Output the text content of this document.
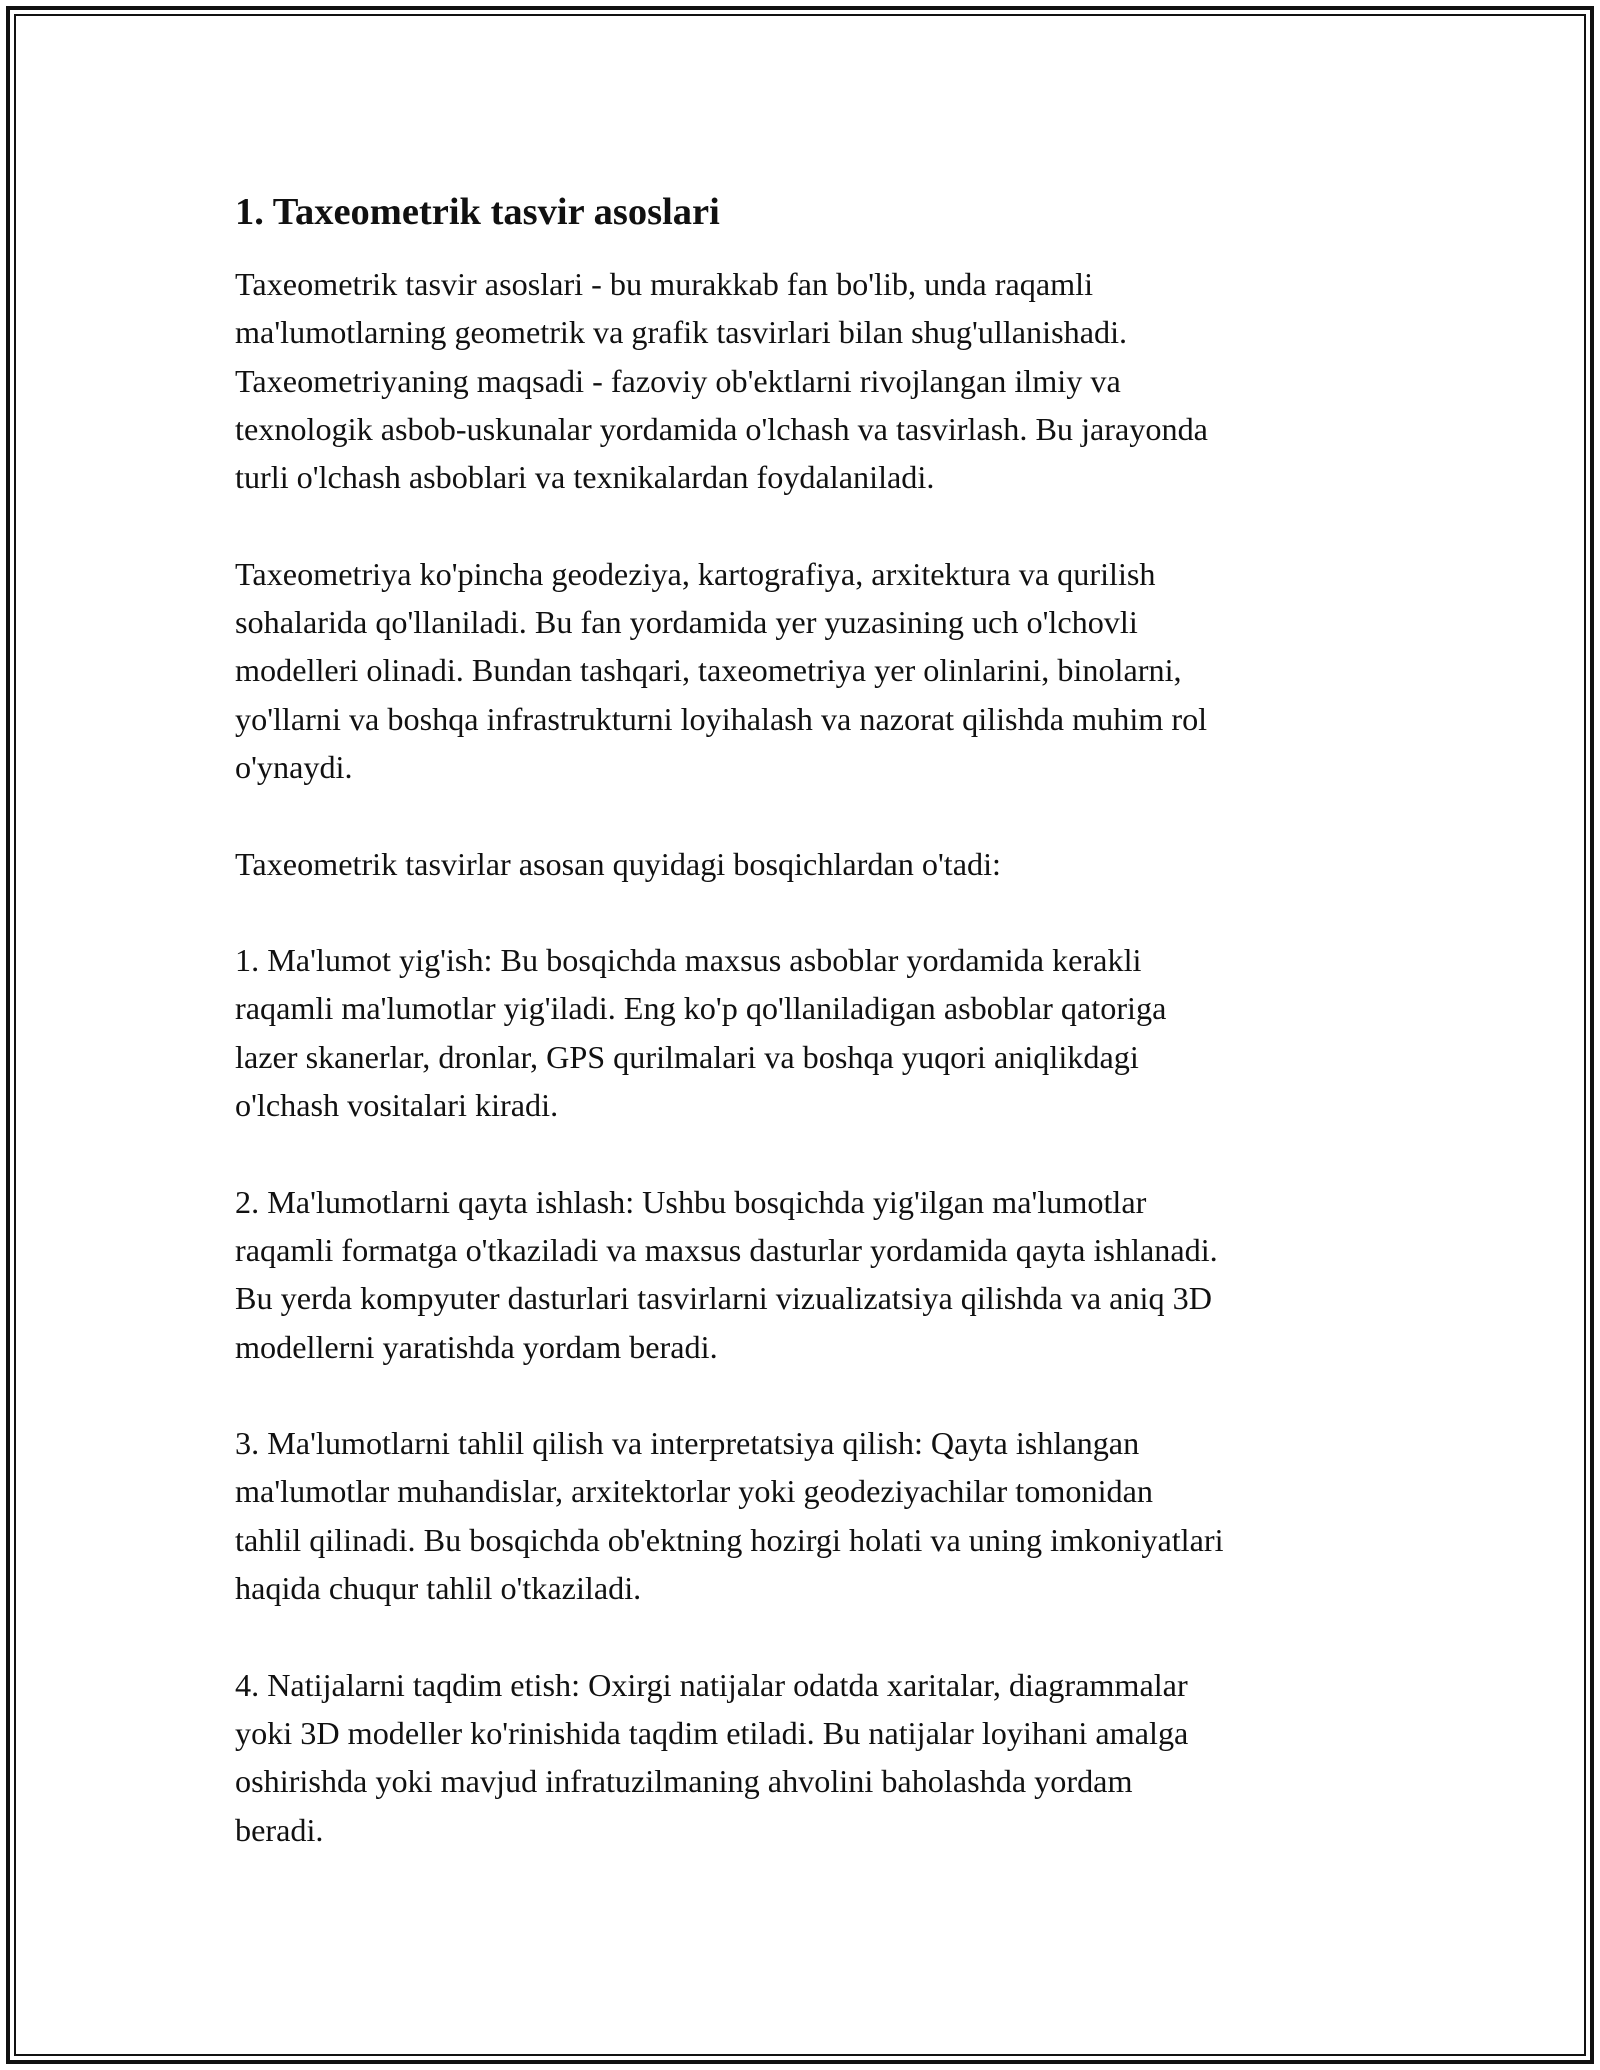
1. Taxeometrik tasvir asoslari

Taxeometrik tasvir asoslari - bu murakkab fan bo'lib, unda raqamli
ma'lumotlarning geometrik va grafik tasvirlari bilan shug'ullanishadi.
Taxeometriyaning maqsadi - fazoviy ob'ektlarni rivojlangan ilmiy va
texnologik asbob-uskunalar yordamida o'lchash va tasvirlash. Bu jarayonda
turli o'lchash asboblari va texnikalardan foydalaniladi.

Taxeometriya ko'pincha geodeziya, kartografiya, arxitektura va qurilish
sohalarida qo'llaniladi. Bu fan yordamida yer yuzasining uch o'lchovli
modelleri olinadi. Bundan tashqari, taxeometriya yer olinlarini, binolarni,
yo'llarni va boshqa infrastrukturni loyihalash va nazorat qilishda muhim rol
o'ynaydi.

Taxeometrik tasvirlar asosan quyidagi bosqichlardan o'tadi:

1. Ma'lumot yig'ish: Bu bosqichda maxsus asboblar yordamida kerakli
raqamli ma'lumotlar yig'iladi. Eng ko'p qo'llaniladigan asboblar qatoriga
lazer skanerlar, dronlar, GPS qurilmalari va boshqa yuqori aniqlikdagi
o'lchash vositalari kiradi.

2. Ma'lumotlarni qayta ishlash: Ushbu bosqichda yig'ilgan ma'lumotlar
raqamli formatga o'tkaziladi va maxsus dasturlar yordamida qayta ishlanadi.
Bu yerda kompyuter dasturlari tasvirlarni vizualizatsiya qilishda va aniq 3D
modellerni yaratishda yordam beradi.

3. Ma'lumotlarni tahlil qilish va interpretatsiya qilish: Qayta ishlangan
ma'lumotlar muhandislar, arxitektorlar yoki geodeziyachilar tomonidan
tahlil qilinadi. Bu bosqichda ob'ektning hozirgi holati va uning imkoniyatlari
haqida chuqur tahlil o'tkaziladi.

4. Natijalarni taqdim etish: Oxirgi natijalar odatda xaritalar, diagrammalar
yoki 3D modeller ko'rinishida taqdim etiladi. Bu natijalar loyihani amalga
oshirishda yoki mavjud infratuzilmaning ahvolini baholashda yordam
beradi.
